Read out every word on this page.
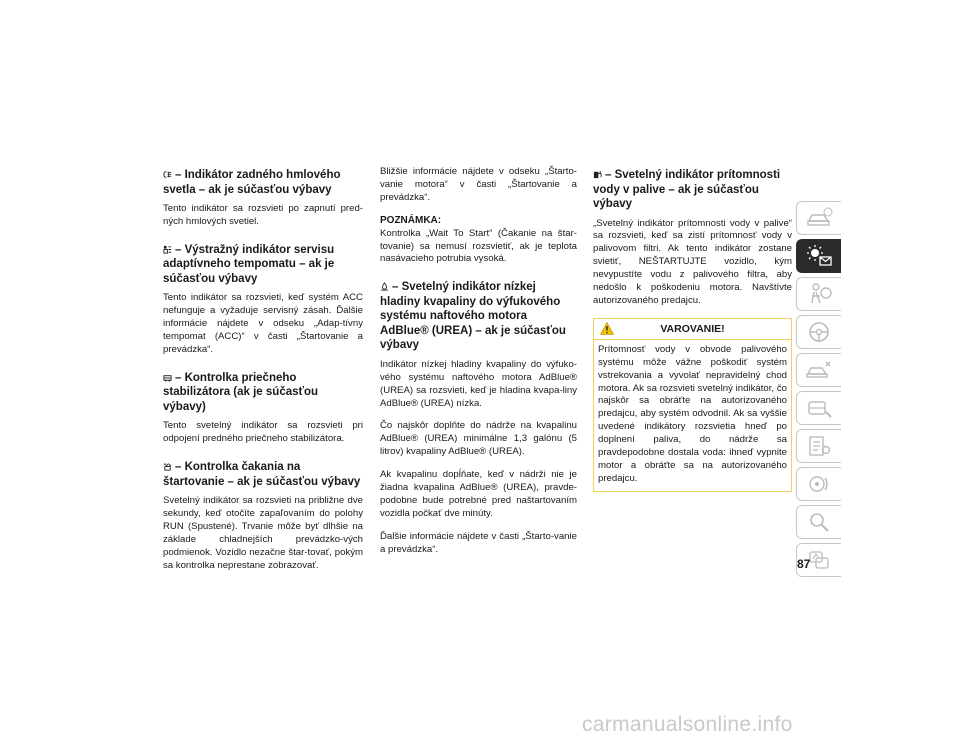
– Indikátor zadného hmlového svetla – ak je súčasťou výbavy
Tento indikátor sa rozsvieti po zapnutí pred-ných hmlových svetiel.
– Výstražný indikátor servisu adaptívneho tempomatu – ak je súčasťou výbavy
Tento indikátor sa rozsvieti, keď systém ACC nefunguje a vyžaduje servisný zásah. Ďalšie informácie nájdete v odseku „Adap-tívny tempomat (ACC)“ v časti „Štartovanie a prevádzka“.
– Kontrolka priečneho stabilizátora (ak je súčasťou výbavy)
Tento svetelný indikátor sa rozsvieti pri odpojení predného priečneho stabilizátora.
– Kontrolka čakania na štartovanie – ak je súčasťou výbavy
Svetelný indikátor sa rozsvieti na približne dve sekundy, keď otočíte zapaľovaním do polohy RUN (Spustené). Trvanie môže byť dlhšie na základe chladnejších prevádzko-vých podmienok. Vozidlo nezačne štar-tovať, pokým sa kontrolka neprestane zobrazovať.
Bližšie informácie nájdete v odseku „Štarto-vanie motora“ v časti „Štartovanie a prevádzka“.
POZNÁMKA:
Kontrolka „Wait To Start“ (Čakanie na štar-tovanie) sa nemusí rozsvietiť, ak je teplota nasávacieho potrubia vysoká.
– Svetelný indikátor nízkej hladiny kvapaliny do výfukového systému naftového motora AdBlue® (UREA) – ak je súčasťou výbavy
Indikátor nízkej hladiny kvapaliny do výfuko-vého systému naftového motora AdBlue® (UREA) sa rozsvieti, keď je hladina kvapa-liny AdBlue® (UREA) nízka.
Čo najskôr doplňte do nádrže na kvapalinu AdBlue® (UREA) minimálne 1,3 galónu (5 litrov) kvapaliny AdBlue® (UREA).
Ak kvapalinu dopĺňate, keď v nádrži nie je žiadna kvapalina AdBlue® (UREA), pravde-podobne bude potrebné pred naštartovaním vozidla počkať dve minúty.
Ďalšie informácie nájdete v časti „Štarto-vanie a prevádzka“.
– Svetelný indikátor prítomnosti vody v palive – ak je súčasťou výbavy
„Svetelný indikátor prítomnosti vody v palive“ sa rozsvieti, keď sa zistí prítomnosť vody v palivovom filtri. Ak tento indikátor zostane svietiť, NEŠTARTUJTE vozidlo, kým nevypustíte vodu z palivového filtra, aby nedošlo k poškodeniu motora. Navštívte autorizovaného predajcu.
VAROVANIE!
Prítomnosť vody v obvode palivového systému môže vážne poškodiť systém vstrekovania a vyvolať nepravidelný chod motora. Ak sa rozsvieti svetelný indikátor, čo najskôr sa obráťte na autorizovaného predajcu, aby systém odvodnil. Ak sa vyššie uvedené indikátory rozsvietia hneď po doplnení paliva, do nádrže sa pravdepodobne dostala voda: ihneď vypnite motor a obráťte sa na autorizovaného predajcu.
87
carmanualsonline.info
